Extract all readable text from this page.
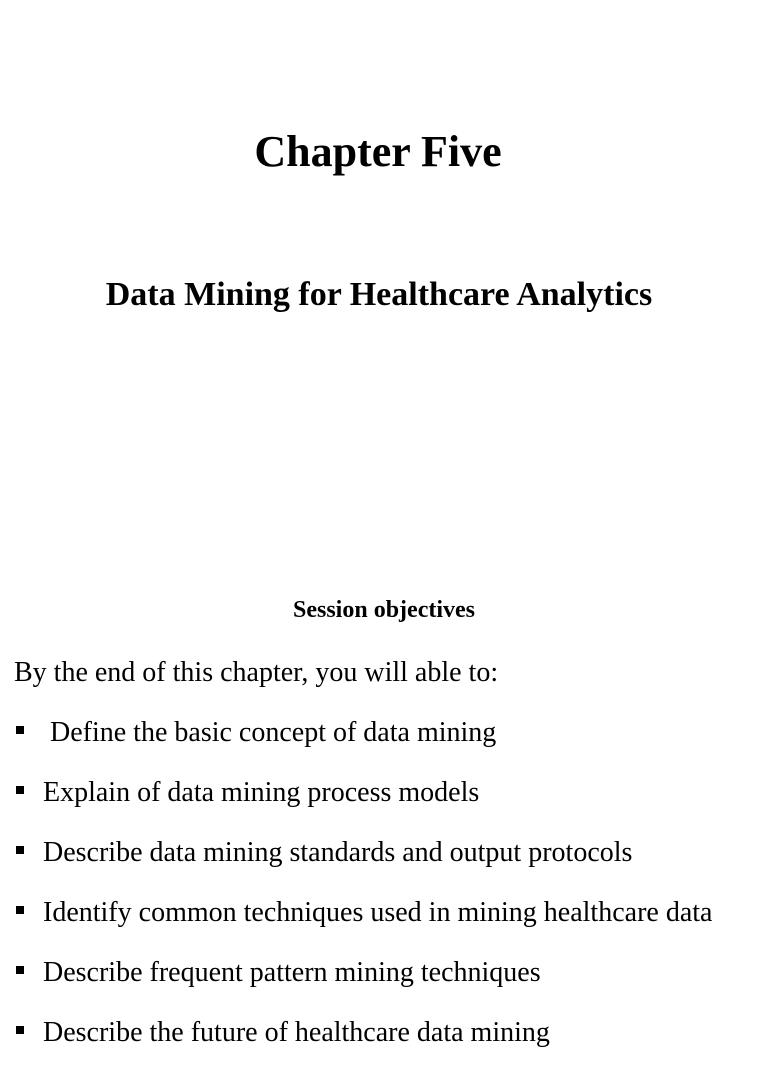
Chapter Five
Data Mining for Healthcare Analytics
Session objectives

By the end of this chapter, you will able to:

Define the basic concept of data mining
Explain of data mining process models
Describe data mining standards and output protocols
Identify common techniques used in mining healthcare data
Describe frequent pattern mining techniques
Describe the future of healthcare data mining
